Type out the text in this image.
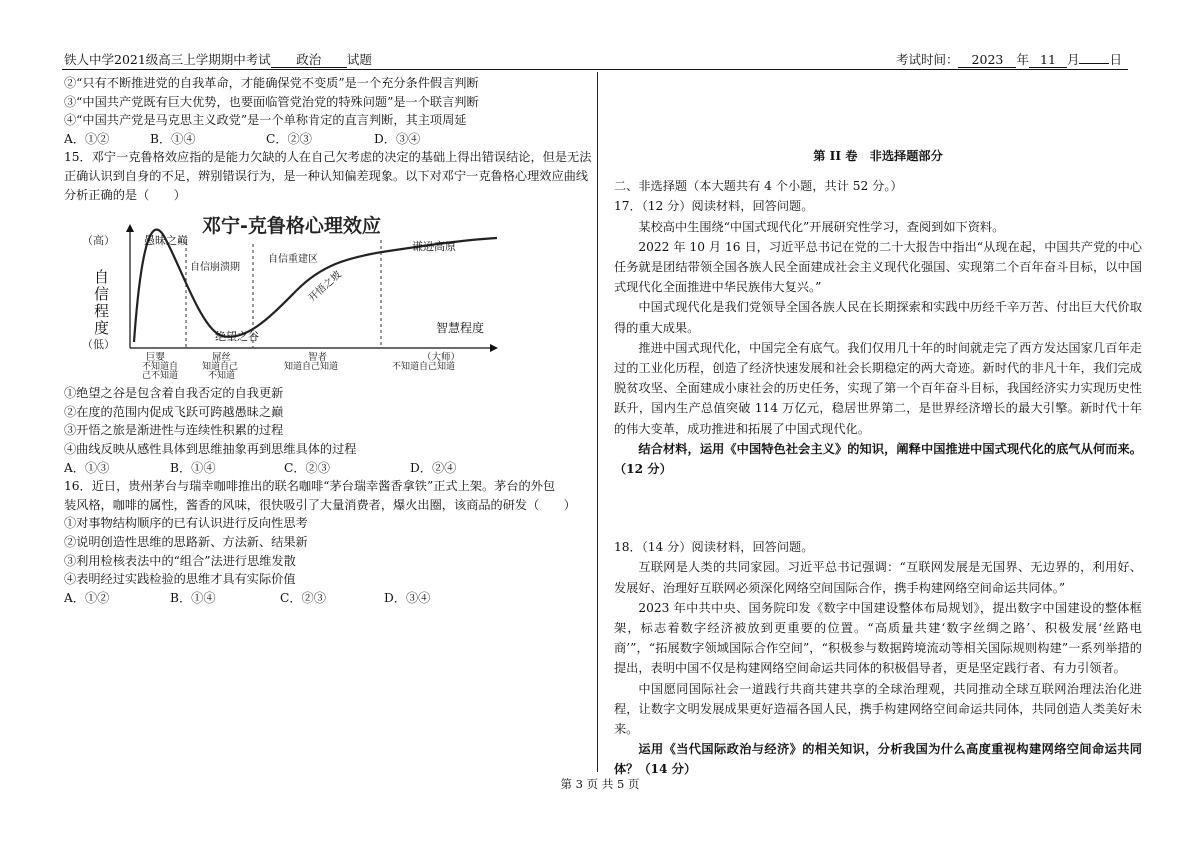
铁人中学2021级高三上学期期中考试 政治 试题	考试时间： 2023 年 11 月 日
②“只有不断推进党的自我革命，才能确保党不变质”是一个充分条件假言判断
③“中国共产党既有巨大优势，也要面临管党治党的特殊问题”是一个联言判断
④“中国共产党是马克思主义政党”是一个单称肯定的直言判断，其主项周延
A．①②	B．①④	C．②③	D．③④
15．邓宁一克鲁格效应指的是能力欠缺的人在自己欠考虑的决定的基础上得出错误结论，但是无法
正确认识到自身的不足，辨别错误行为，是一种认知偏差现象。以下对邓宁一克鲁格心理效应曲线
分析正确的是（　　）
邓宁-克鲁格心理效应
（高）
（低）
自
信
程
度
愚昧之巅
自信崩溃期
自信重建区
谦逊高原
绝望之谷
开悟之坡
智慧程度
巨婴
不知道自
己不知道
屌丝
知道自己
不知道
智者
知道自己知道
（大师）
不知道自己知道
①绝望之谷是包含着自我否定的自我更新
②在度的范围内促成飞跃可跨越愚昧之巅
③开悟之旅是渐进性与连续性积累的过程
④曲线反映从感性具体到思维抽象再到思维具体的过程
A．①③	B．①④	C．②③	D．②④
16．近日，贵州茅台与瑞幸咖啡推出的联名咖啡“茅台瑞幸酱香拿铁”正式上架。茅台的外包
装风格，咖啡的属性，酱香的风味，很快吸引了大量消费者，爆火出圈，该商品的研发（　　）
①对事物结构顺序的已有认识进行反向性思考
②说明创造性思维的思路新、方法新、结果新
③利用检核表法中的“组合”法进行思维发散
④表明经过实践检验的思维才具有实际价值
A．①②	B．①④	C．②③	D．③④
第 II 卷　非选择题部分
二、非选择题（本大题共有 4 个小题，共计 52 分。）
17．（12 分）阅读材料，回答问题。

某校高中生围绕“中国式现代化”开展研究性学习，查阅到如下资料。

2022 年 10 月 16 日，习近平总书记在党的二十大报告中指出“从现在起，中国共产党的中心任务就是团结带领全国各族人民全面建成社会主义现代化强国、实现第二个百年奋斗目标，以中国式现代化全面推进中华民族伟大复兴。”

中国式现代化是我们党领导全国各族人民在长期探索和实践中历经千辛万苦、付出巨大代价取得的重大成果。

推进中国式现代化，中国完全有底气。我们仅用几十年的时间就走完了西方发达国家几百年走过的工业化历程，创造了经济快速发展和社会长期稳定的两大奇迹。新时代的非凡十年，我们完成脱贫攻坚、全面建成小康社会的历史任务，实现了第一个百年奋斗目标，我国经济实力实现历史性跃升，国内生产总值突破 114 万亿元，稳居世界第二，是世界经济增长的最大引擎。新时代十年的伟大变革，成功推进和拓展了中国式现代化。

结合材料，运用《中国特色社会主义》的知识，阐释中国推进中国式现代化的底气从何而来。（12 分）

18．（14 分）阅读材料，回答问题。

互联网是人类的共同家园。习近平总书记强调：“互联网发展是无国界、无边界的，利用好、发展好、治理好互联网必须深化网络空间国际合作，携手构建网络空间命运共同体。”

2023 年中共中央、国务院印发《数字中国建设整体布局规划》，提出数字中国建设的整体框架，标志着数字经济被放到更重要的位置。“高质量共建‘数字丝绸之路’、积极发展‘丝路电商’”，“拓展数字领域国际合作空间”，“积极参与数据跨境流动等相关国际规则构建”一系列举措的提出，表明中国不仅是构建网络空间命运共同体的积极倡导者，更是坚定践行者、有力引领者。

中国愿同国际社会一道践行共商共建共享的全球治理观，共同推动全球互联网治理法治化进程，让数字文明发展成果更好造福各国人民，携手构建网络空间命运共同体，共同创造人类美好未来。

运用《当代国际政治与经济》的相关知识，分析我国为什么高度重视构建网络空间命运共同体？（14 分）

第 3 页 共 5 页
